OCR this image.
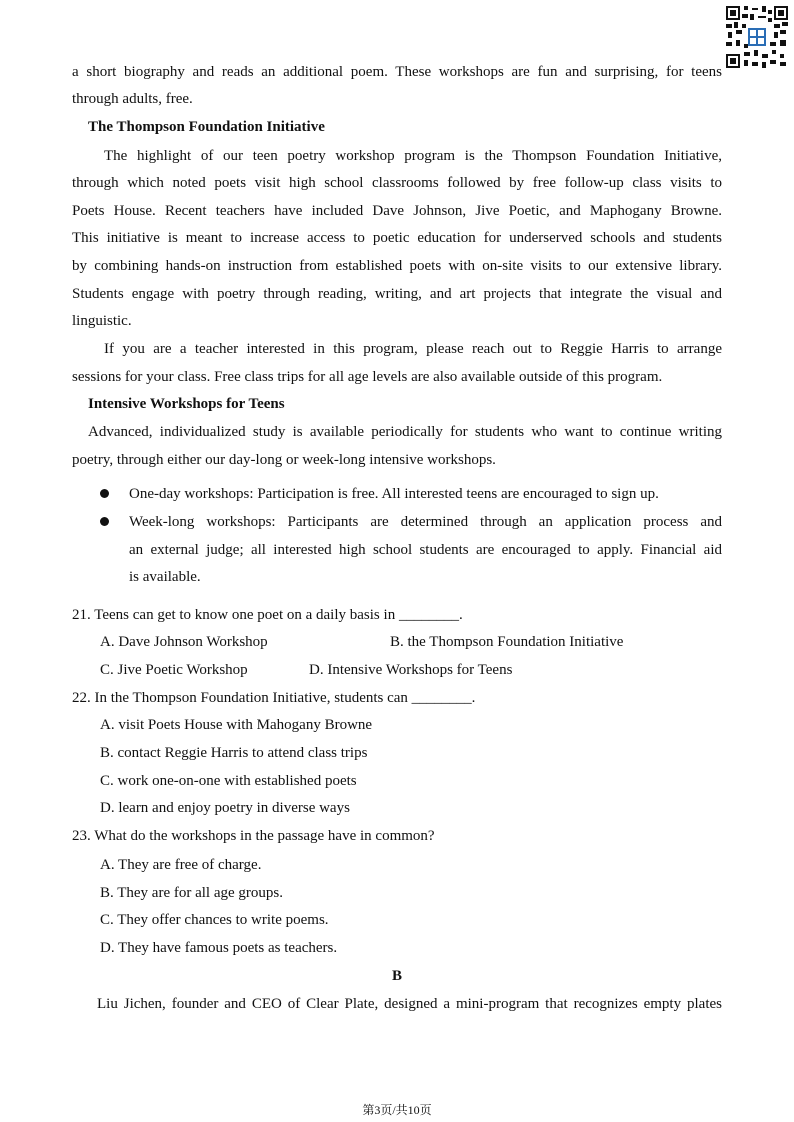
a short biography and reads an additional poem. These workshops are fun and surprising, for teens
through adults, free.
The Thompson Foundation Initiative
The highlight of our teen poetry workshop program is the Thompson Foundation Initiative,
through which noted poets visit high school classrooms followed by free follow-up class visits to
Poets House. Recent teachers have included Dave Johnson, Jive Poetic, and Maphogany Browne.
This initiative is meant to increase access to poetic education for underserved schools and students
by combining hands-on instruction from established poets with on-site visits to our extensive library.
Students engage with poetry through reading, writing, and art projects that integrate the visual and
linguistic.
If you are a teacher interested in this program, please reach out to Reggie Harris to arrange
sessions for your class. Free class trips for all age levels are also available outside of this program.
Intensive Workshops for Teens
Advanced, individualized study is available periodically for students who want to continue writing
poetry, through either our day-long or week-long intensive workshops.
One-day workshops: Participation is free. All interested teens are encouraged to sign up.
Week-long workshops: Participants are determined through an application process and
an external judge; all interested high school students are encouraged to apply. Financial aid
is available.
21. Teens can get to know one poet on a daily basis in ________.
A. Dave Johnson Workshop	B. the Thompson Foundation Initiative
C. Jive Poetic Workshop	D. Intensive Workshops for Teens
22. In the Thompson Foundation Initiative, students can ________.
A. visit Poets House with Mahogany Browne
B. contact Reggie Harris to attend class trips
C. work one-on-one with established poets
D. learn and enjoy poetry in diverse ways
23. What do the workshops in the passage have in common?
A. They are free of charge.
B. They are for all age groups.
C. They offer chances to write poems.
D. They have famous poets as teachers.
B
Liu Jichen, founder and CEO of Clear Plate, designed a mini-program that recognizes empty plates
第3页/共10页
